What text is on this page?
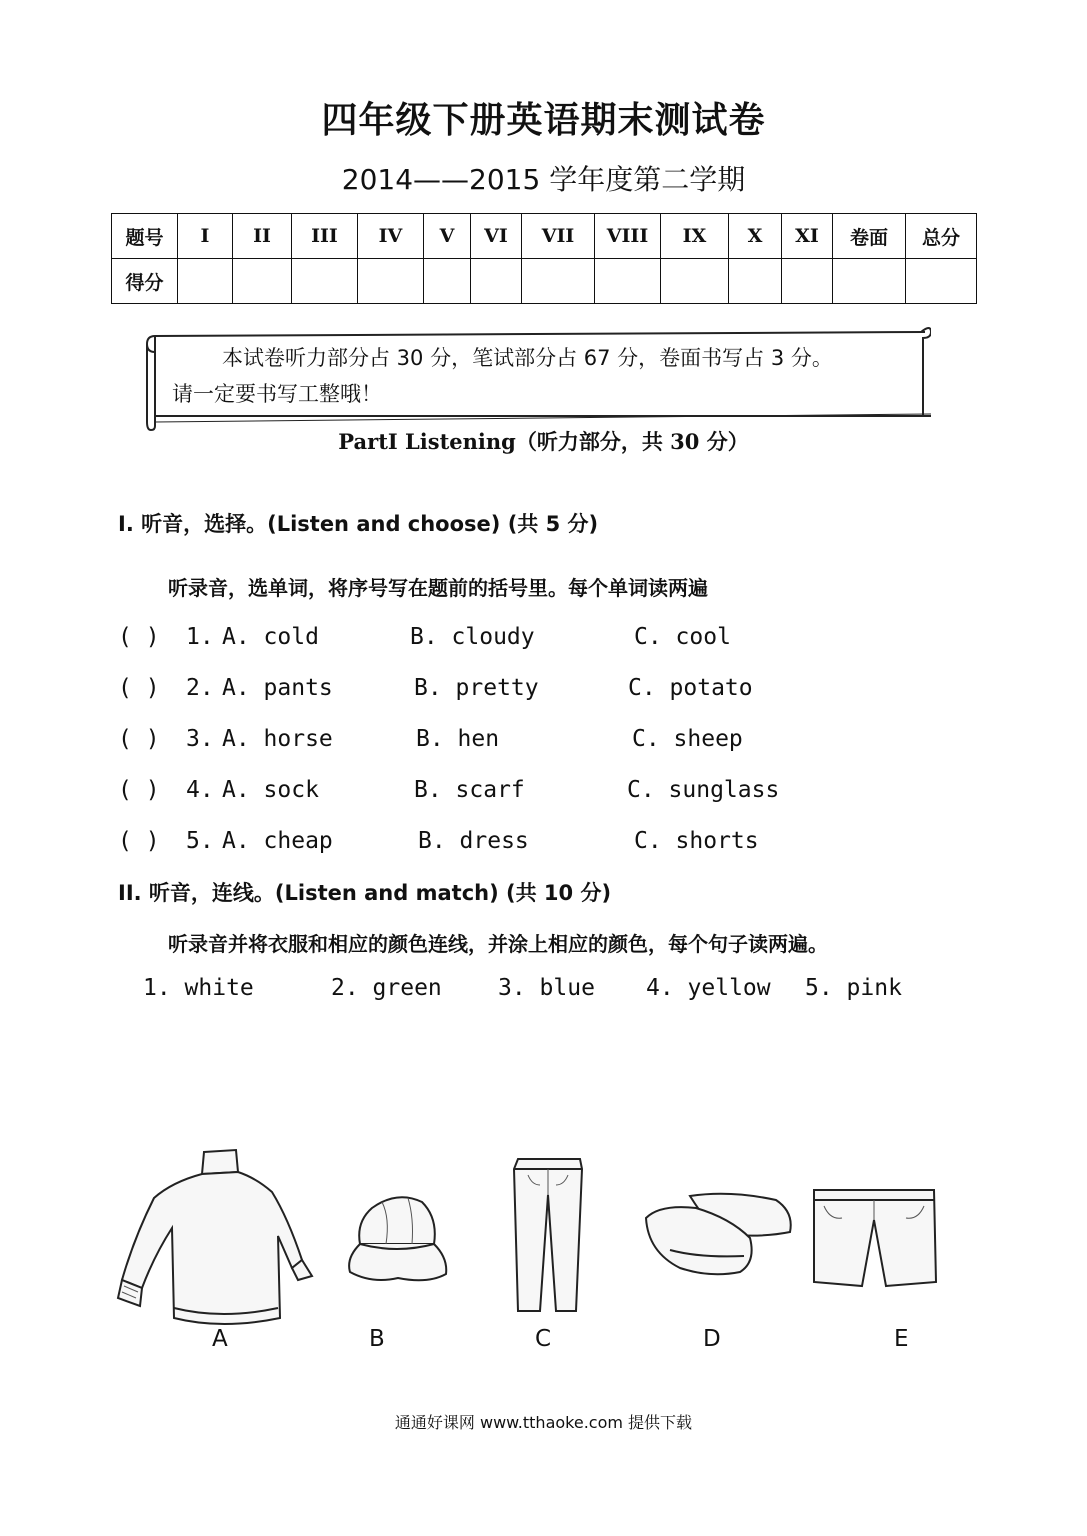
四年级下册英语期末测试卷
2014——2015 学年度第二学期
题号	I	II	III	IV	V	VI	VII	VIII	IX	X	XI	卷面	总分
得分													
本试卷听力部分占 30 分，笔试部分占 67 分，卷面书写占 3 分。
请一定要书写工整哦！
PartⅠ Listening（听力部分，共 30 分）
Ⅰ. 听音，选择。(Listen and choose) (共 5 分)
听录音，选单词，将序号写在题前的括号里。每个单词读两遍
( ) 1. A. cold	B. cloudy	C. cool
( ) 2. A. pants	B. pretty	C. potato
( ) 3. A. horse	B. hen	C. sheep
( ) 4. A. sock	B. scarf	C. sunglass
( ) 5. A. cheap	B. dress	C. shorts
II. 听音，连线。(Listen and match) (共 10 分)
听录音并将衣服和相应的颜色连线，并涂上相应的颜色，每个句子读两遍。
1. white	2. green 3. blue 4. yellow 5. pink
A	B	C	D	E
通通好课网 www.tthaoke.com 提供下载
